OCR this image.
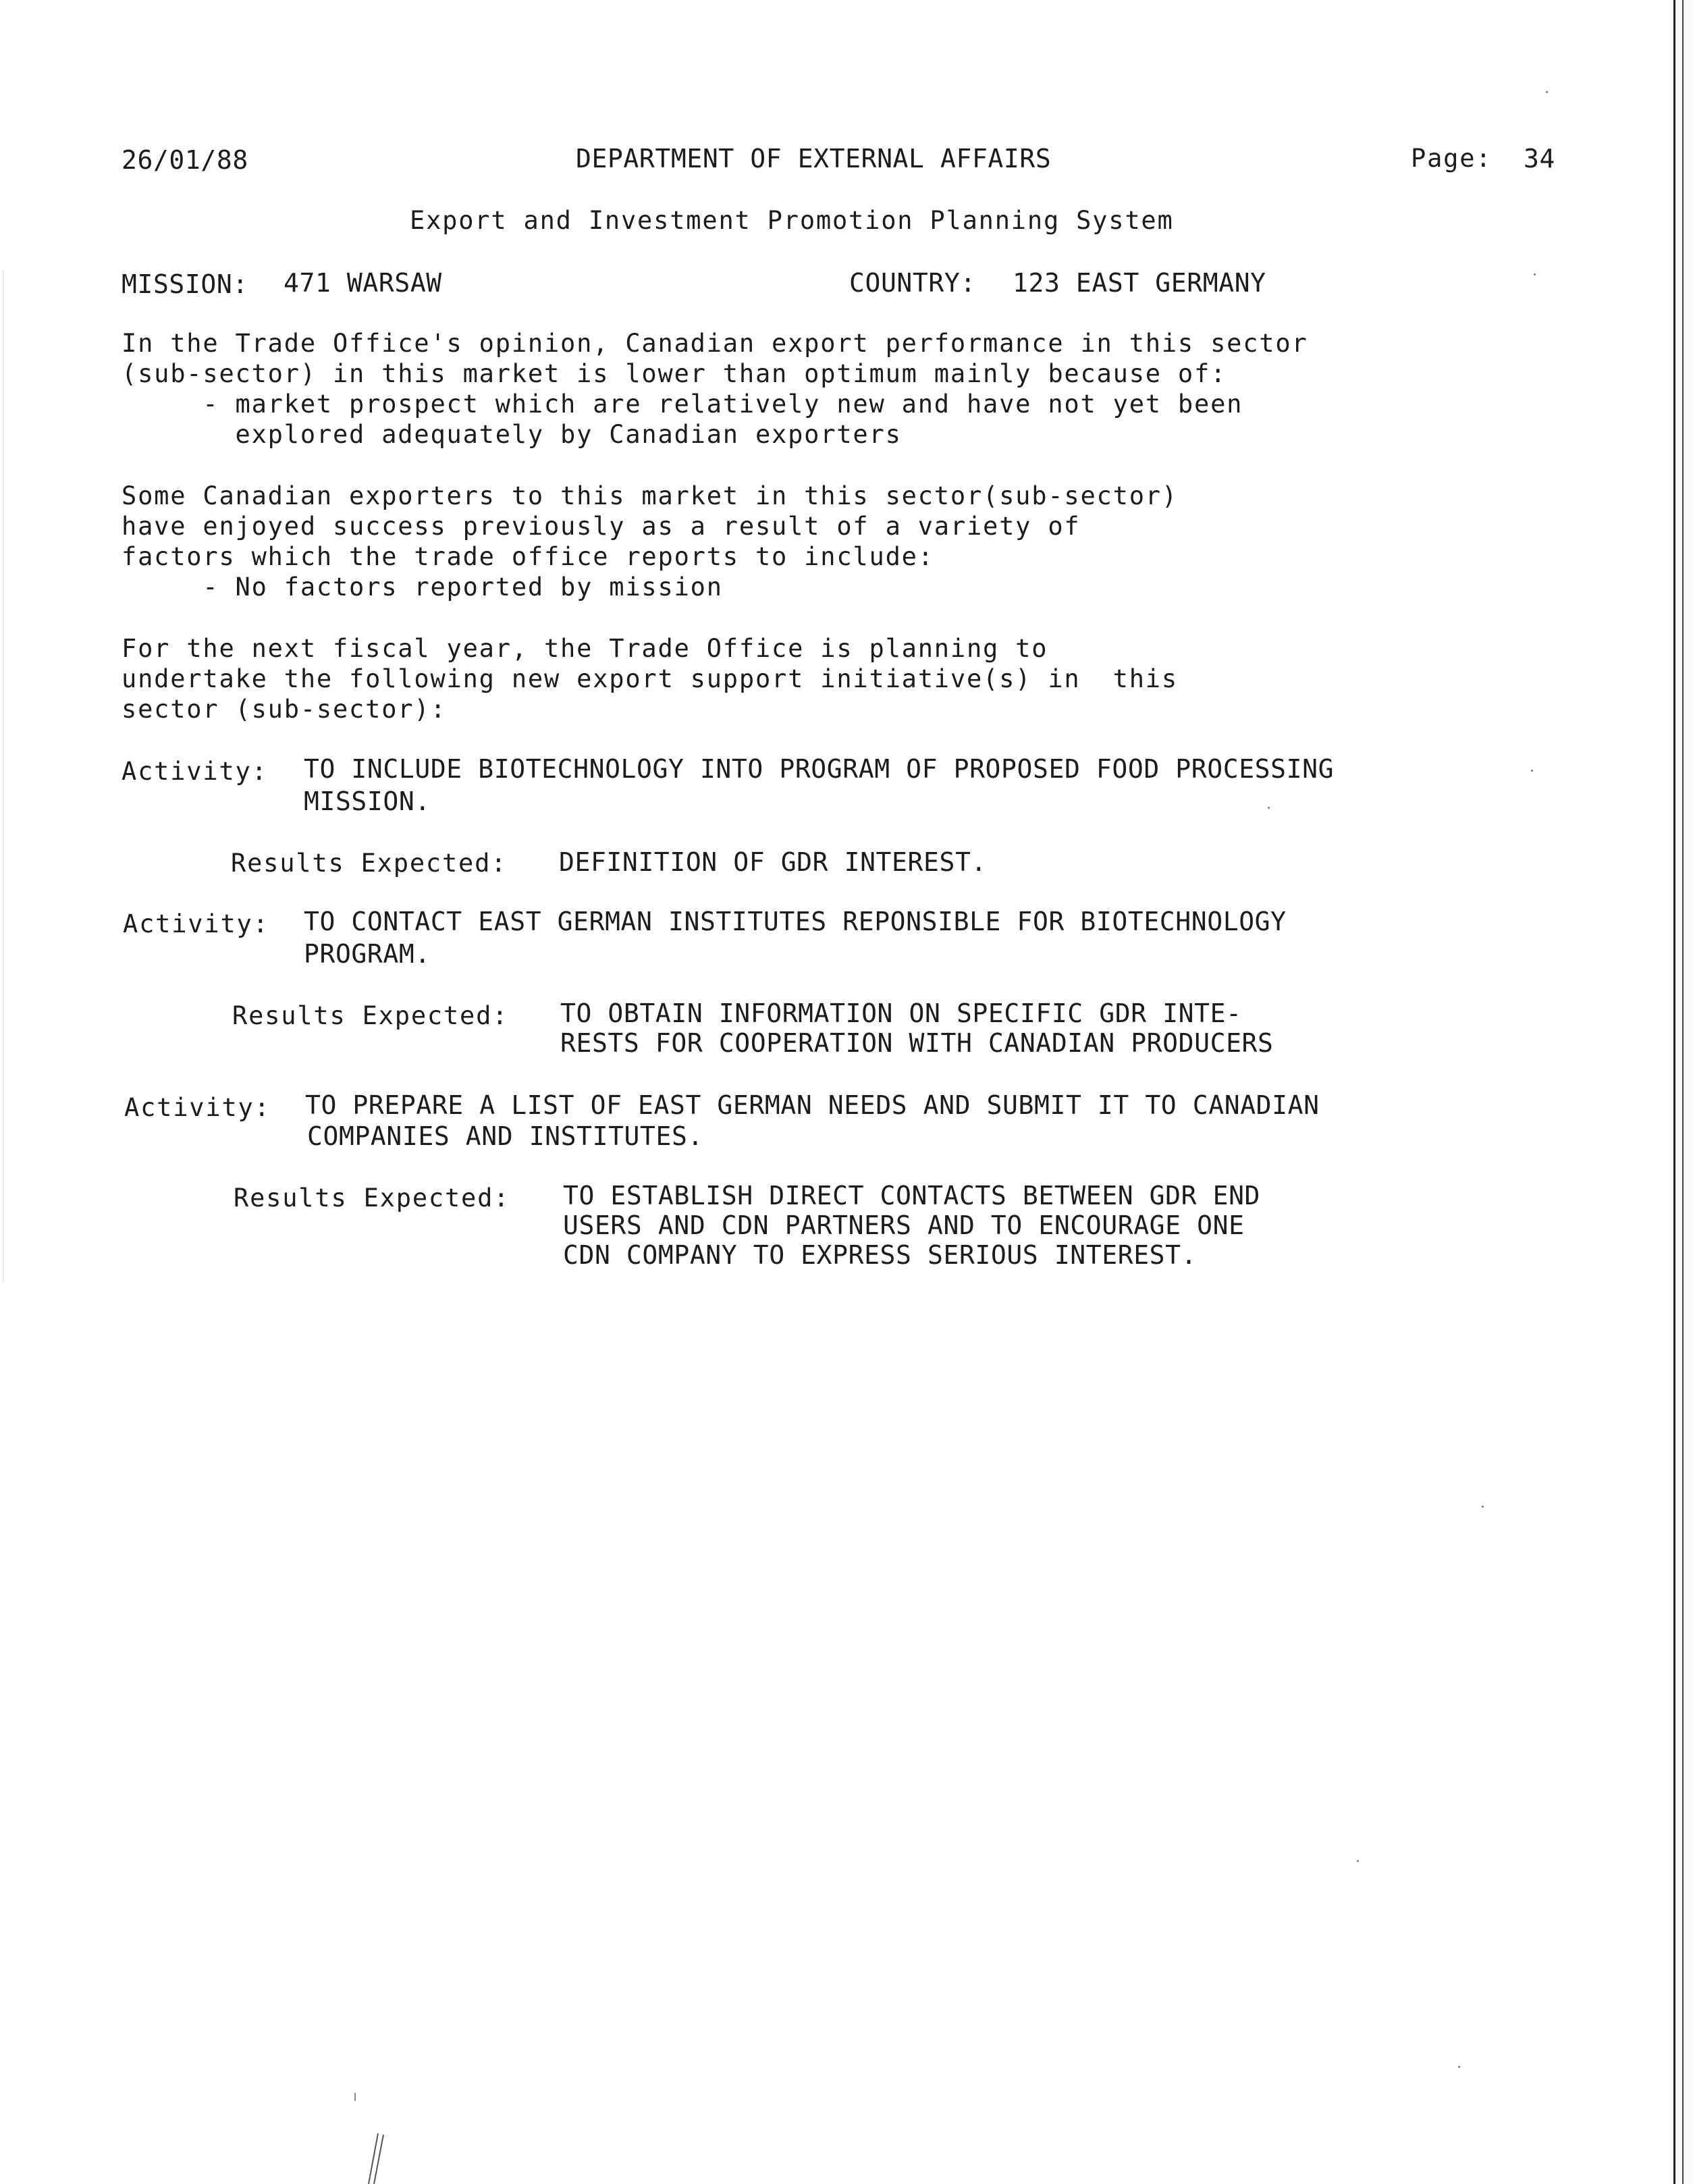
26/01/88	DEPARTMENT OF EXTERNAL AFFAIRS	Page: 34
Export and Investment Promotion Planning System
MISSION: 471 WARSAW	COUNTRY: 123 EAST GERMANY
In the Trade Office's opinion, Canadian export performance in this sector
(sub-sector) in this market is lower than optimum mainly because of:
- market prospect which are relatively new and have not yet been
explored adequately by Canadian exporters
Some Canadian exporters to this market in this sector(sub-sector)
have enjoyed success previously as a result of a variety of
factors which the trade office reports to include:
- No factors reported by mission
For the next fiscal year, the Trade Office is planning to
undertake the following new export support initiative(s) in  this
sector (sub-sector):
Activity: TO INCLUDE BIOTECHNOLOGY INTO PROGRAM OF PROPOSED FOOD PROCESSING
MISSION.
Results Expected: DEFINITION OF GDR INTEREST.
Activity: TO CONTACT EAST GERMAN INSTITUTES REPONSIBLE FOR BIOTECHNOLOGY
PROGRAM.
Results Expected: TO OBTAIN INFORMATION ON SPECIFIC GDR INTE-
RESTS FOR COOPERATION WITH CANADIAN PRODUCERS
Activity: TO PREPARE A LIST OF EAST GERMAN NEEDS AND SUBMIT IT TO CANADIAN
COMPANIES AND INSTITUTES.
Results Expected: TO ESTABLISH DIRECT CONTACTS BETWEEN GDR END
USERS AND CDN PARTNERS AND TO ENCOURAGE ONE
CDN COMPANY TO EXPRESS SERIOUS INTEREST.
